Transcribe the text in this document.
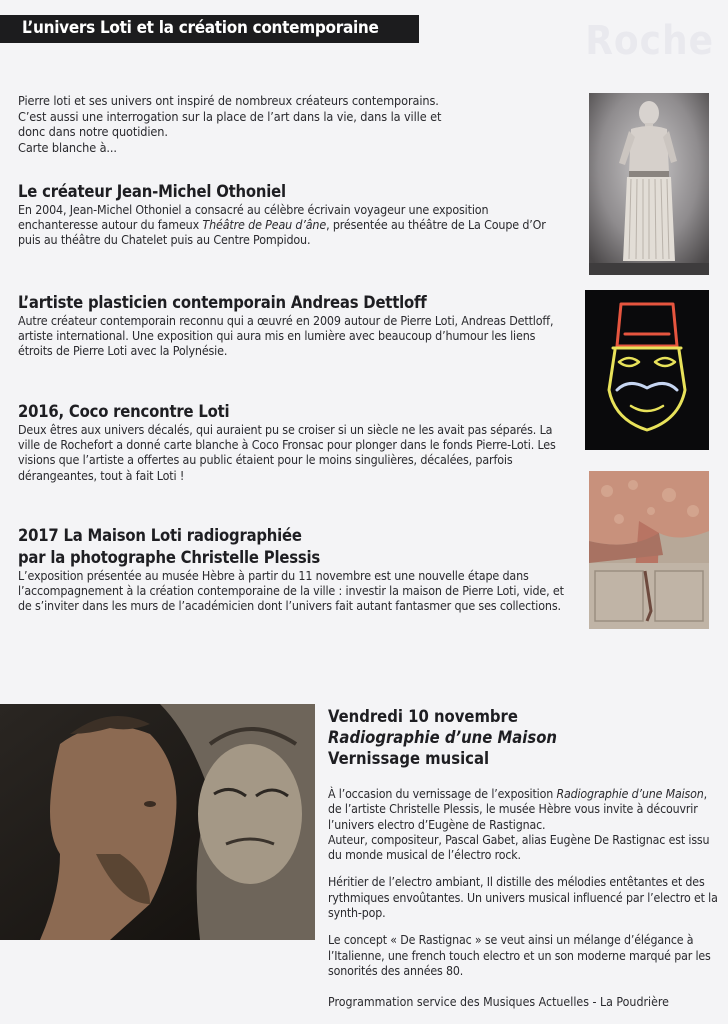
L’univers Loti et la création contemporaine	Roche

Pierre loti et ses univers ont inspiré de nombreux créateurs contemporains.

C’est aussi une interrogation sur la place de l’art dans la vie, dans la ville et

donc dans notre quotidien.

Carte blanche à...

Le créateur Jean-Michel Othoniel

En 2004, Jean-Michel Othoniel a consacré au célèbre écrivain voyageur une exposition enchanteresse autour du fameux Théâtre de Peau d’âne, présentée au théâtre de La Coupe d’Or puis au théâtre du Chatelet puis au Centre Pompidou.

L’artiste plasticien contemporain Andreas Dettloff

Autre créateur contemporain reconnu qui a œuvré en 2009 autour de Pierre Loti, Andreas Dettloff, artiste international. Une exposition qui aura mis en lumière avec beaucoup d’humour les liens étroits de Pierre Loti avec la Polynésie.

2016, Coco rencontre Loti

Deux êtres aux univers décalés, qui auraient pu se croiser si un siècle ne les avait pas séparés. La ville de Rochefort a donné carte blanche à Coco Fronsac pour plonger dans le fonds Pierre-Loti. Les visions que l’artiste a offertes au public étaient pour le moins singulières, décalées, parfois dérangeantes, tout à fait Loti !

2017 La Maison Loti radiographiée
par la photographe Christelle Plessis

L’exposition présentée au musée Hèbre à partir du 11 novembre est une nouvelle étape dans l’accompagnement à la création contemporaine de la ville : investir la maison de Pierre Loti, vide, et de s’inviter dans les murs de l’académicien dont l’univers fait autant fantasmer que ses collections.

Vendredi 10 novembre
Radiographie d’une Maison
Vernissage musical

À l’occasion du vernissage de l’exposition Radiographie d’une Maison, de l’artiste Christelle Plessis, le musée Hèbre vous invite à découvrir l’univers electro d’Eugène de Rastignac.
Auteur, compositeur, Pascal Gabet, alias Eugène De Rastignac est issu du monde musical de l’électro rock.

Héritier de l’electro ambiant, Il distille des mélodies entêtantes et des rythmiques envoûtantes. Un univers musical influencé par l’electro et la synth-pop.

Le concept « De Rastignac » se veut ainsi un mélange d’élégance à l’Italienne, une french touch electro et un son moderne marqué par les sonorités des années 80.

Programmation service des Musiques Actuelles - La Poudrière
